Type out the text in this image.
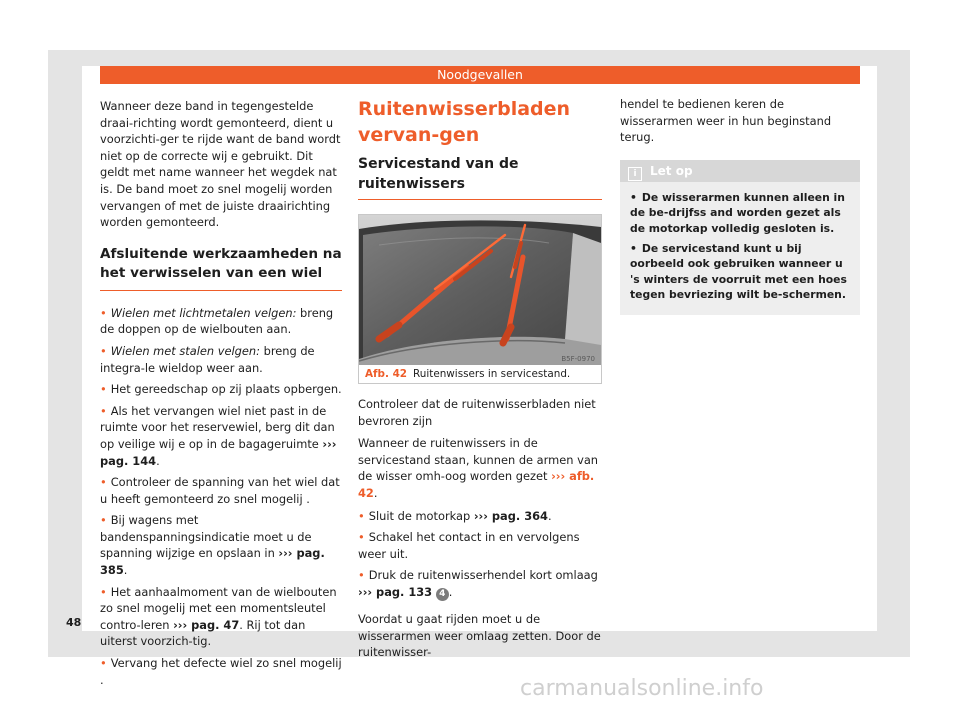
Noodgevallen

Wanneer deze band in tegengestelde draai-richting wordt gemonteerd, dient u voorzichti-ger te rijde want de band wordt niet op de correcte wij e gebruikt. Dit geldt met name wanneer het wegdek nat is. De band moet zo snel mogelij worden vervangen of met de juiste draairichting worden gemonteerd.

Afsluitende werkzaamheden na het verwisselen van een wiel
• Wielen met lichtmetalen velgen: breng de doppen op de wielbouten aan.
• Wielen met stalen velgen: breng de integra-le wieldop weer aan.
• Het gereedschap op zij plaats opbergen.
• Als het vervangen wiel niet past in de ruimte voor het reservewiel, berg dit dan op veilige wij e op in de bagageruimte ››› pag. 144.
• Controleer de spanning van het wiel dat u heeft gemonteerd zo snel mogelij .
• Bij wagens met bandenspanningsindicatie moet u de spanning wijzige en opslaan in ››› pag. 385.
• Het aanhaalmoment van de wielbouten zo snel mogelij met een momentsleutel contro-leren ››› pag. 47. Rij tot dan uiterst voorzich-tig.
• Vervang het defecte wiel zo snel mogelij .
Ruitenwisserbladen vervan-gen
Servicestand van de ruitenwissers
B5F-0970
Afb. 42 Ruitenwissers in servicestand.

Controleer dat de ruitenwisserbladen niet bevroren zijn

Wanneer de ruitenwissers in de servicestand staan, kunnen de armen van de wisser omh-oog worden gezet ››› afb. 42.

• Sluit de motorkap ››› pag. 364.
• Schakel het contact in en vervolgens weer uit.
• Druk de ruitenwisserhendel kort omlaag ››› pag. 133 4 .

Voordat u gaat rijden moet u de wisserarmen weer omlaag zetten. Door de ruitenwisser-

hendel te bedienen keren de wisserarmen weer in hun beginstand terug.

i Let op
• De wisserarmen kunnen alleen in de be-drijfss and worden gezet als de motorkap volledig gesloten is.
• De servicestand kunt u bij oorbeeld ook gebruiken wanneer u 's winters de voorruit met een hoes tegen bevriezing wilt be-schermen.
48
carmanualsonline.info
